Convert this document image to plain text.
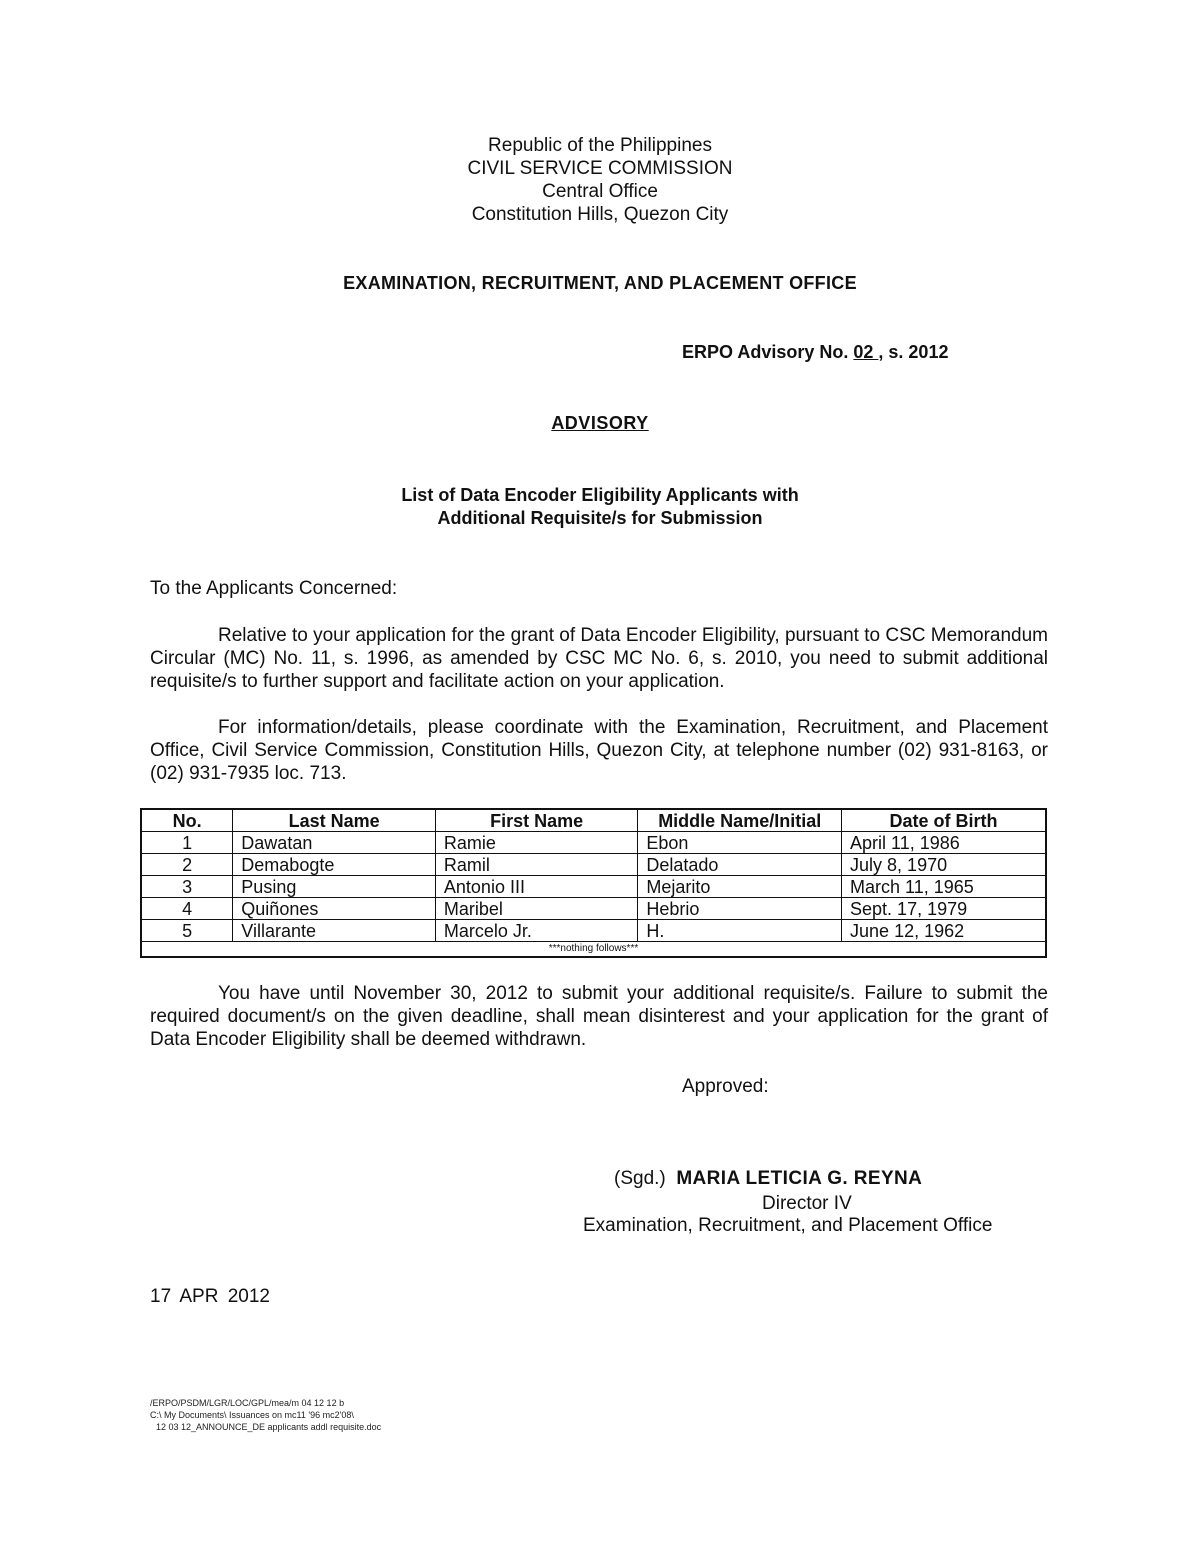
Republic of the Philippines
CIVIL SERVICE COMMISSION
Central Office
Constitution Hills, Quezon City
EXAMINATION, RECRUITMENT, AND PLACEMENT OFFICE
ERPO Advisory No. 02 , s. 2012
ADVISORY
List of Data Encoder Eligibility Applicants with
Additional Requisite/s for Submission
To the Applicants Concerned:
Relative to your application for the grant of Data Encoder Eligibility, pursuant to CSC Memorandum Circular (MC) No. 11, s. 1996, as amended by CSC MC No. 6, s. 2010, you need to submit additional requisite/s to further support and facilitate action on your application.
For information/details, please coordinate with the Examination, Recruitment, and Placement Office, Civil Service Commission, Constitution Hills, Quezon City, at telephone number (02) 931-8163, or (02) 931-7935 loc. 713.
No.	Last Name	First Name	Middle Name/Initial	Date of Birth
1	Dawatan	Ramie	Ebon	April 11, 1986
2	Demabogte	Ramil	Delatado	July 8, 1970
3	Pusing	Antonio III	Mejarito	March 11, 1965
4	Quiñones	Maribel	Hebrio	Sept. 17, 1979
5	Villarante	Marcelo Jr.	H.	June 12, 1962
***nothing follows***				
You have until November 30, 2012 to submit your additional requisite/s. Failure to submit the required document/s on the given deadline, shall mean disinterest and your application for the grant of Data Encoder Eligibility shall be deemed withdrawn.
Approved:
(Sgd.) MARIA LETICIA G. REYNA
Director IV
Examination, Recruitment, and Placement Office
17 APR 2012
/ERPO/PSDM/LGR/LOC/GPL/mea/m 04 12 12 b
C:\ My Documents\ Issuances on mc11 '96 mc2'08\
12 03 12_ANNOUNCE_DE applicants addl requisite.doc
